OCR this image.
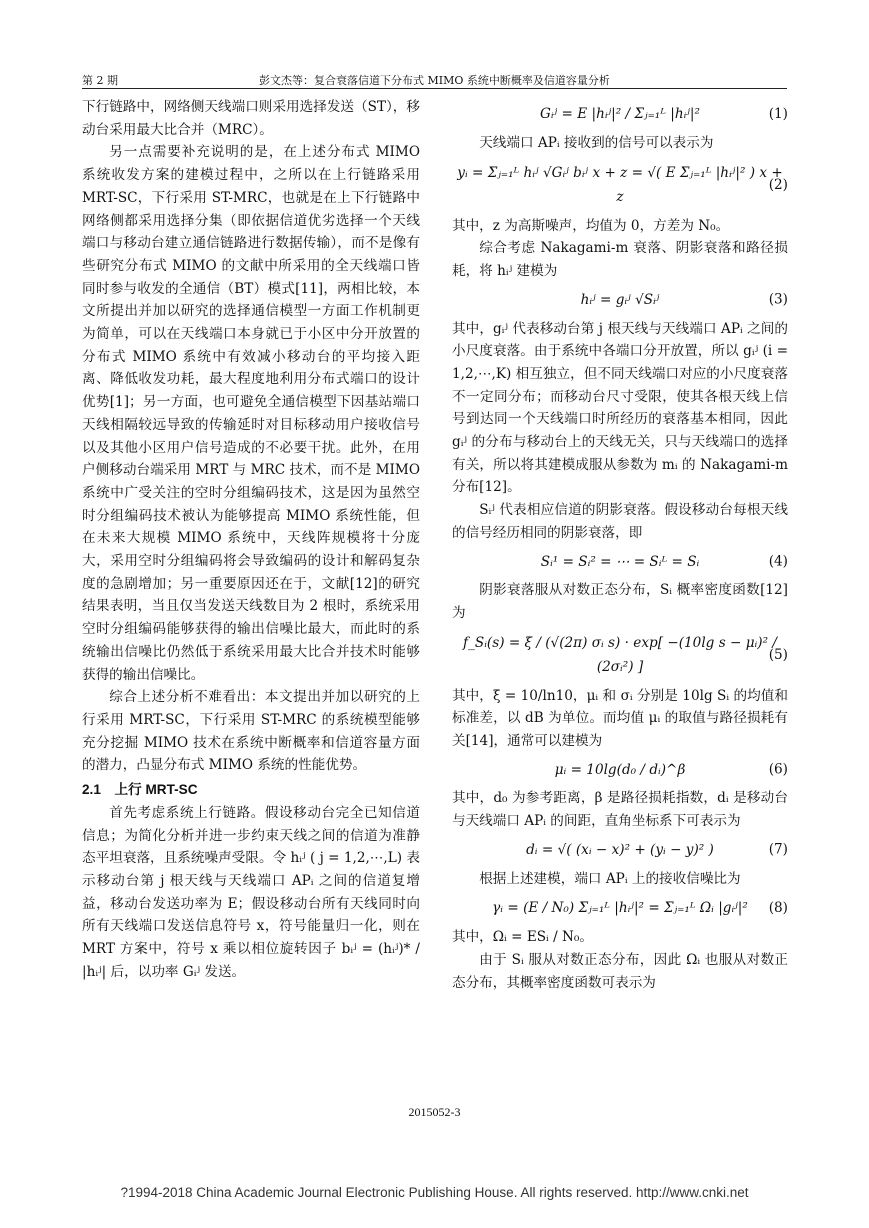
第 2 期	彭文杰等：复合衰落信道下分布式 MIMO 系统中断概率及信道容量分析

下行链路中，网络侧天线端口则采用选择发送（ST），移动台采用最大比合并（MRC）。

另一点需要补充说明的是，在上述分布式 MIMO 系统收发方案的建模过程中，之所以在上行链路采用 MRT-SC，下行采用 ST-MRC，也就是在上下行链路中网络侧都采用选择分集（即依据信道优劣选择一个天线端口与移动台建立通信链路进行数据传输），而不是像有些研究分布式 MIMO 的文献中所采用的全天线端口皆同时参与收发的全通信（BT）模式[11]，两相比较，本文所提出并加以研究的选择通信模型一方面工作机制更为简单，可以在天线端口本身就已于小区中分开放置的分布式 MIMO 系统中有效减小移动台的平均接入距离、降低收发功耗，最大程度地利用分布式端口的设计优势[1]；另一方面，也可避免全通信模型下因基站端口天线相隔较远导致的传输延时对目标移动用户接收信号以及其他小区用户信号造成的不必要干扰。此外，在用户侧移动台端采用 MRT 与 MRC 技术，而不是 MIMO 系统中广受关注的空时分组编码技术，这是因为虽然空时分组编码技术被认为能够提高 MIMO 系统性能，但在未来大规模 MIMO 系统中，天线阵规模将十分庞大，采用空时分组编码将会导致编码的设计和解码复杂度的急剧增加；另一重要原因还在于，文献[12]的研究结果表明，当且仅当发送天线数目为 2 根时，系统采用空时分组编码能够获得的输出信噪比最大，而此时的系统输出信噪比仍然低于系统采用最大比合并技术时能够获得的输出信噪比。

综合上述分析不难看出：本文提出并加以研究的上行采用 MRT-SC，下行采用 ST-MRC 的系统模型能够充分挖掘 MIMO 技术在系统中断概率和信道容量方面的潜力，凸显分布式 MIMO 系统的性能优势。

2.1　上行 MRT-SC

首先考虑系统上行链路。假设移动台完全已知信道信息；为简化分析并进一步约束天线之间的信道为准静态平坦衰落，且系统噪声受限。令 hᵢʲ ( j = 1,2,⋯,L) 表示移动台第 j 根天线与天线端口 APᵢ 之间的信道复增益，移动台发送功率为 E；假设移动台所有天线同时向所有天线端口发送信息符号 x，符号能量归一化，则在 MRT 方案中，符号 x 乘以相位旋转因子 bᵢʲ = (hᵢʲ)* / |hᵢʲ| 后，以功率 Gᵢʲ 发送。

Gᵢʲ = E |hᵢʲ|² / Σⱼ₌₁ᴸ |hᵢʲ|²	(1)

天线端口 APᵢ 接收到的信号可以表示为

yᵢ = Σⱼ₌₁ᴸ hᵢʲ √Gᵢʲ bᵢʲ x + z = √( E Σⱼ₌₁ᴸ |hᵢʲ|² ) x + z
(2)

其中，z 为高斯噪声，均值为 0，方差为 N₀。

综合考虑 Nakagami-m 衰落、阴影衰落和路径损耗，将 hᵢʲ 建模为

hᵢʲ = gᵢʲ √Sᵢʲ	(3)

其中，gᵢʲ 代表移动台第 j 根天线与天线端口 APᵢ 之间的小尺度衰落。由于系统中各端口分开放置，所以 gᵢʲ (i = 1,2,⋯,K) 相互独立，但不同天线端口对应的小尺度衰落不一定同分布；而移动台尺寸受限，使其各根天线上信号到达同一个天线端口时所经历的衰落基本相同，因此 gᵢʲ 的分布与移动台上的天线无关，只与天线端口的选择有关，所以将其建模成服从参数为 mᵢ 的 Nakagami-m 分布[12]。

Sᵢʲ 代表相应信道的阴影衰落。假设移动台每根天线的信号经历相同的阴影衰落，即

Sᵢ¹ = Sᵢ² = ⋯ = Sᵢᴸ = Sᵢ	(4)

阴影衰落服从对数正态分布，Sᵢ 概率密度函数[12]为

f_Sᵢ(s) = ξ / (√(2π) σᵢ s) · exp[ −(10lg s − μᵢ)² / (2σᵢ²) ]
(5)

其中，ξ = 10/ln10，μᵢ 和 σᵢ 分别是 10lg Sᵢ 的均值和标准差，以 dB 为单位。而均值 μᵢ 的取值与路径损耗有关[14]，通常可以建模为

μᵢ = 10lg(d₀ / dᵢ)^β	(6)

其中，d₀ 为参考距离，β 是路径损耗指数，dᵢ 是移动台与天线端口 APᵢ 的间距，直角坐标系下可表示为

dᵢ = √( (xᵢ − x)² + (yᵢ − y)² )	(7)

根据上述建模，端口 APᵢ 上的接收信噪比为

γᵢ = (E / N₀) Σⱼ₌₁ᴸ |hᵢʲ|² = Σⱼ₌₁ᴸ Ωᵢ |gᵢʲ|² (8)

其中，Ωᵢ = ESᵢ / N₀。

由于 Sᵢ 服从对数正态分布，因此 Ωᵢ 也服从对数正态分布，其概率密度函数可表示为

2015052-3
?1994-2018 China Academic Journal Electronic Publishing House. All rights reserved. http://www.cnki.net
